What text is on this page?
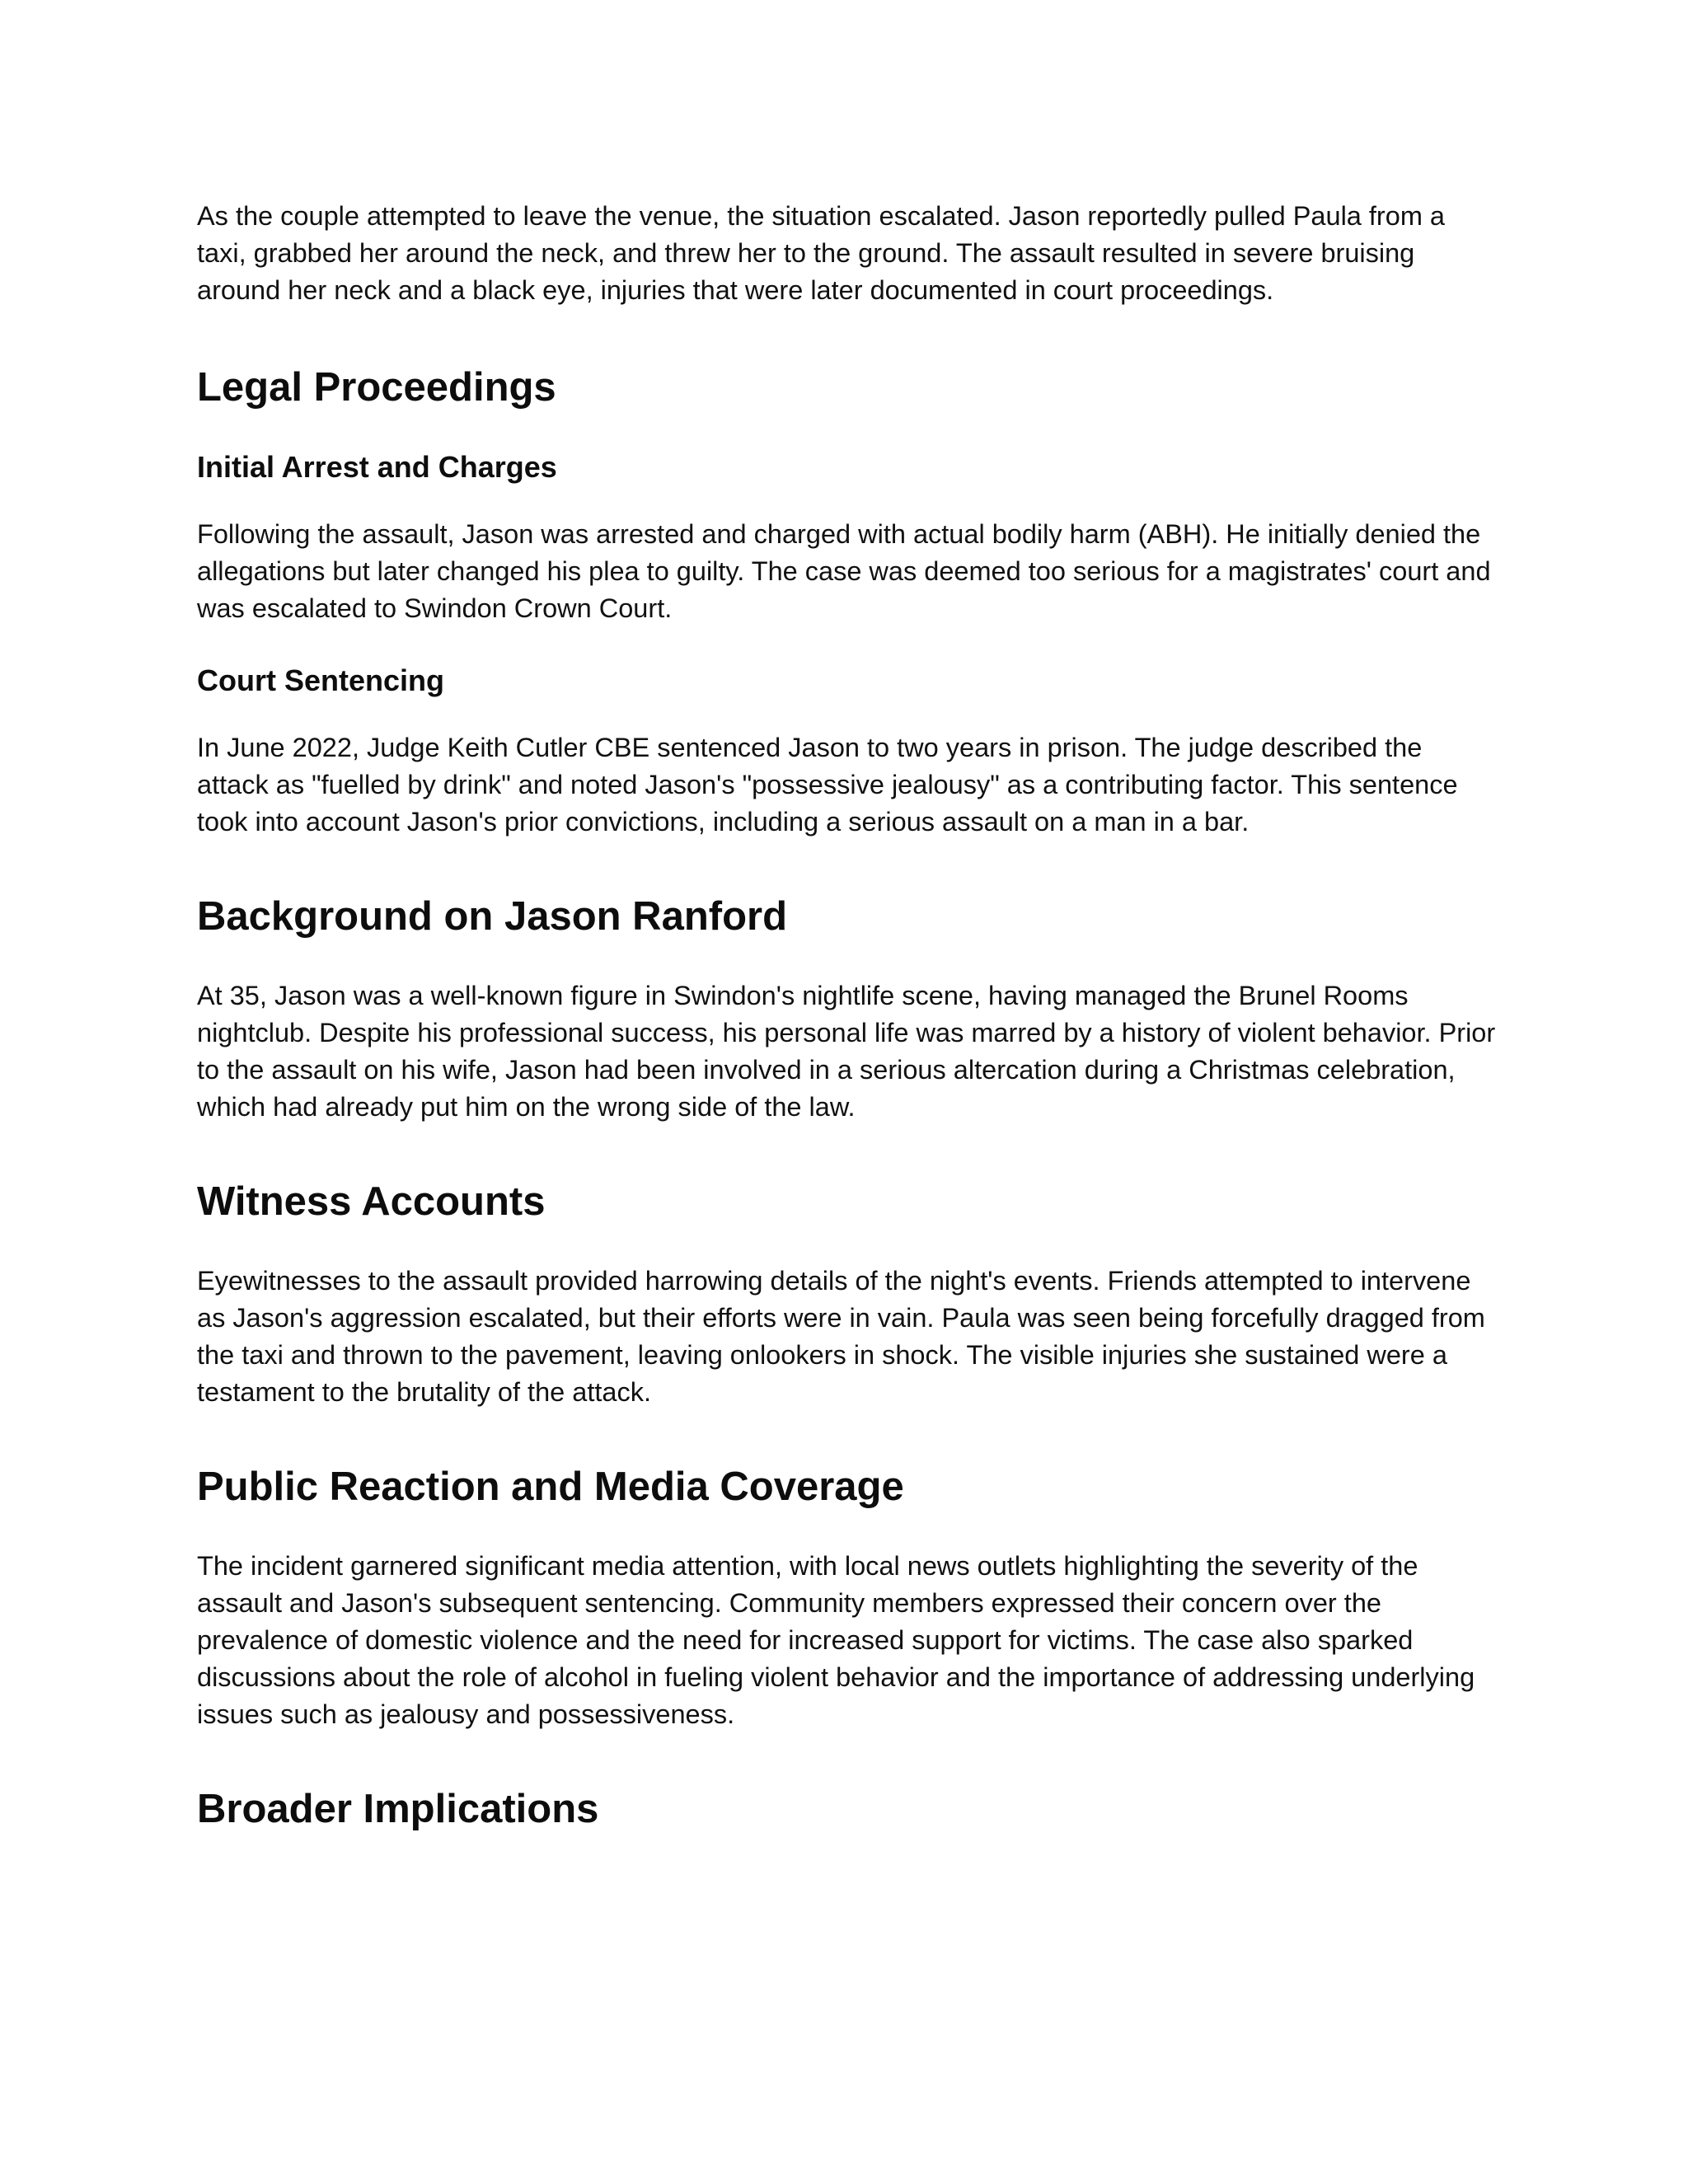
As the couple attempted to leave the venue, the situation escalated. Jason reportedly pulled Paula from a taxi, grabbed her around the neck, and threw her to the ground. The assault resulted in severe bruising around her neck and a black eye, injuries that were later documented in court proceedings.

Legal Proceedings
Initial Arrest and Charges

Following the assault, Jason was arrested and charged with actual bodily harm (ABH). He initially denied the allegations but later changed his plea to guilty. The case was deemed too serious for a magistrates' court and was escalated to Swindon Crown Court.

Court Sentencing

In June 2022, Judge Keith Cutler CBE sentenced Jason to two years in prison. The judge described the attack as "fuelled by drink" and noted Jason's "possessive jealousy" as a contributing factor. This sentence took into account Jason's prior convictions, including a serious assault on a man in a bar.

Background on Jason Ranford

At 35, Jason was a well-known figure in Swindon's nightlife scene, having managed the Brunel Rooms nightclub. Despite his professional success, his personal life was marred by a history of violent behavior. Prior to the assault on his wife, Jason had been involved in a serious altercation during a Christmas celebration, which had already put him on the wrong side of the law.

Witness Accounts

Eyewitnesses to the assault provided harrowing details of the night's events. Friends attempted to intervene as Jason's aggression escalated, but their efforts were in vain. Paula was seen being forcefully dragged from the taxi and thrown to the pavement, leaving onlookers in shock. The visible injuries she sustained were a testament to the brutality of the attack.

Public Reaction and Media Coverage

The incident garnered significant media attention, with local news outlets highlighting the severity of the assault and Jason's subsequent sentencing. Community members expressed their concern over the prevalence of domestic violence and the need for increased support for victims. The case also sparked discussions about the role of alcohol in fueling violent behavior and the importance of addressing underlying issues such as jealousy and possessiveness.

Broader Implications
